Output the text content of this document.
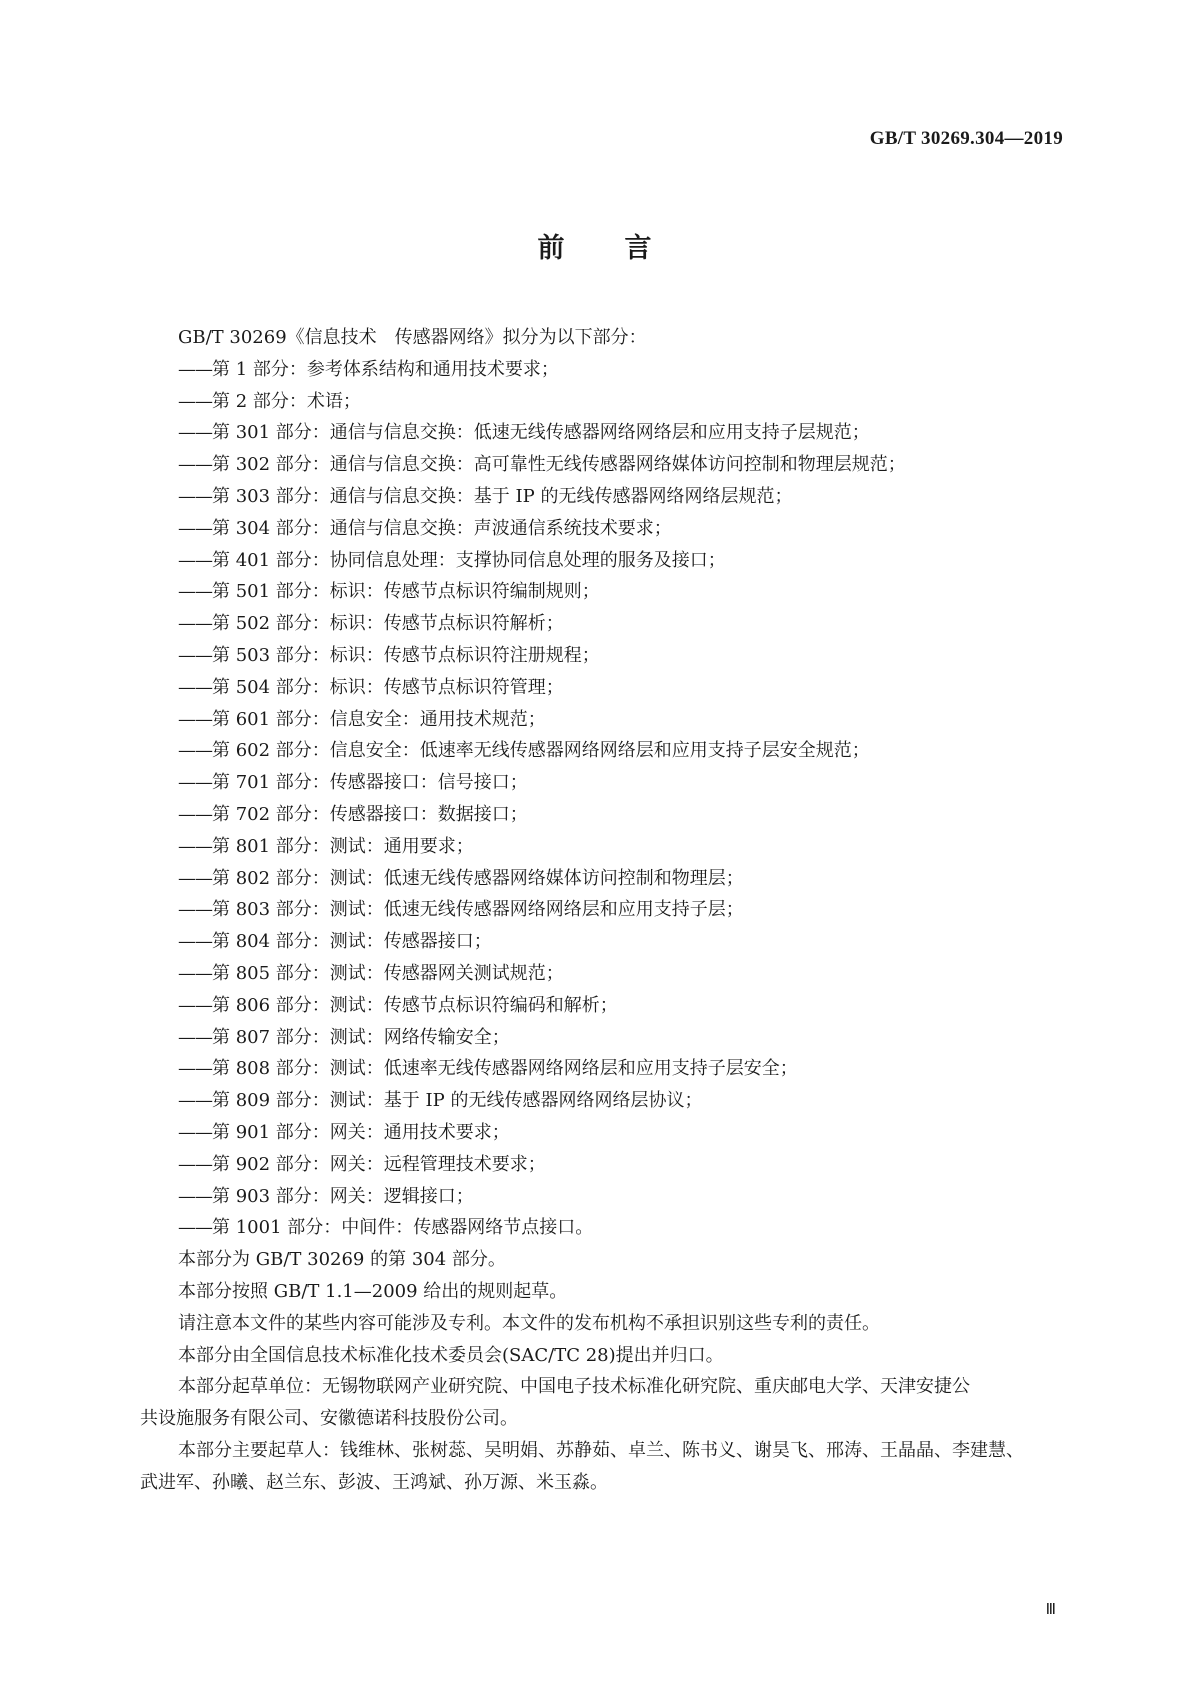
GB/T 30269.304—2019
前 言
GB/T 30269《信息技术　传感器网络》拟分为以下部分：
——第 1 部分：参考体系结构和通用技术要求；
——第 2 部分：术语；
——第 301 部分：通信与信息交换：低速无线传感器网络网络层和应用支持子层规范；
——第 302 部分：通信与信息交换：高可靠性无线传感器网络媒体访问控制和物理层规范；
——第 303 部分：通信与信息交换：基于 IP 的无线传感器网络网络层规范；
——第 304 部分：通信与信息交换：声波通信系统技术要求；
——第 401 部分：协同信息处理：支撑协同信息处理的服务及接口；
——第 501 部分：标识：传感节点标识符编制规则；
——第 502 部分：标识：传感节点标识符解析；
——第 503 部分：标识：传感节点标识符注册规程；
——第 504 部分：标识：传感节点标识符管理；
——第 601 部分：信息安全：通用技术规范；
——第 602 部分：信息安全：低速率无线传感器网络网络层和应用支持子层安全规范；
——第 701 部分：传感器接口：信号接口；
——第 702 部分：传感器接口：数据接口；
——第 801 部分：测试：通用要求；
——第 802 部分：测试：低速无线传感器网络媒体访问控制和物理层；
——第 803 部分：测试：低速无线传感器网络网络层和应用支持子层；
——第 804 部分：测试：传感器接口；
——第 805 部分：测试：传感器网关测试规范；
——第 806 部分：测试：传感节点标识符编码和解析；
——第 807 部分：测试：网络传输安全；
——第 808 部分：测试：低速率无线传感器网络网络层和应用支持子层安全；
——第 809 部分：测试：基于 IP 的无线传感器网络网络层协议；
——第 901 部分：网关：通用技术要求；
——第 902 部分：网关：远程管理技术要求；
——第 903 部分：网关：逻辑接口；
——第 1001 部分：中间件：传感器网络节点接口。
本部分为 GB/T 30269 的第 304 部分。
本部分按照 GB/T 1.1—2009 给出的规则起草。
请注意本文件的某些内容可能涉及专利。本文件的发布机构不承担识别这些专利的责任。
本部分由全国信息技术标准化技术委员会(SAC/TC 28)提出并归口。
本部分起草单位：无锡物联网产业研究院、中国电子技术标准化研究院、重庆邮电大学、天津安捷公
共设施服务有限公司、安徽德诺科技股份公司。
本部分主要起草人：钱维林、张树蕊、吴明娟、苏静茹、卓兰、陈书义、谢昊飞、邢涛、王晶晶、李建慧、
武进军、孙曦、赵兰东、彭波、王鸿斌、孙万源、米玉淼。
Ⅲ
